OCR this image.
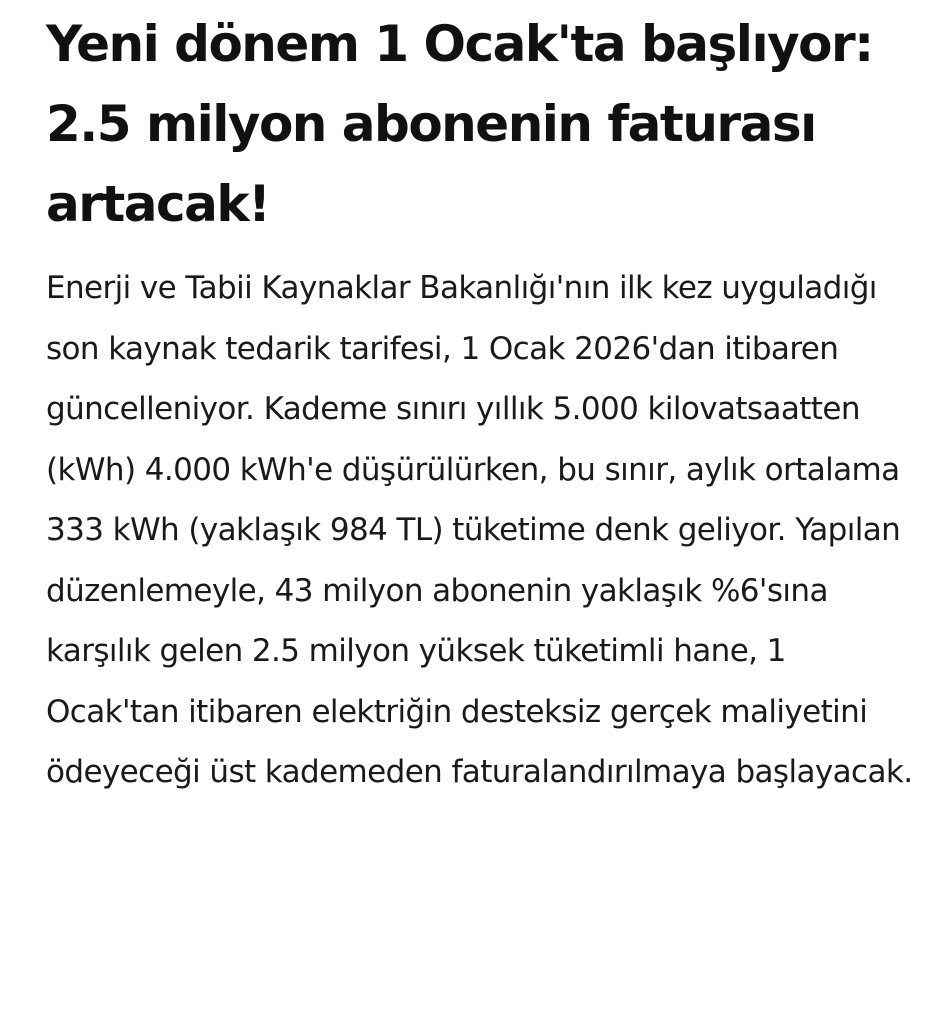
Yeni dönem 1 Ocak'ta başlıyor: 2.5 milyon abonenin faturası artacak!

Enerji ve Tabii Kaynaklar Bakanlığı'nın ilk kez uyguladığı son kaynak tedarik tarifesi, 1 Ocak 2026'dan itibaren güncelleniyor. Kademe sınırı yıllık 5.000 kilovatsaatten (kWh) 4.000 kWh'e düşürülürken, bu sınır, aylık ortalama 333 kWh (yaklaşık 984 TL) tüketime denk geliyor. Yapılan düzenlemeyle, 43 milyon abonenin yaklaşık %6'sına karşılık gelen 2.5 milyon yüksek tüketimli hane, 1 Ocak'tan itibaren elektriğin desteksiz gerçek maliyetini ödeyeceği üst kademeden faturalandırılmaya başlayacak.
